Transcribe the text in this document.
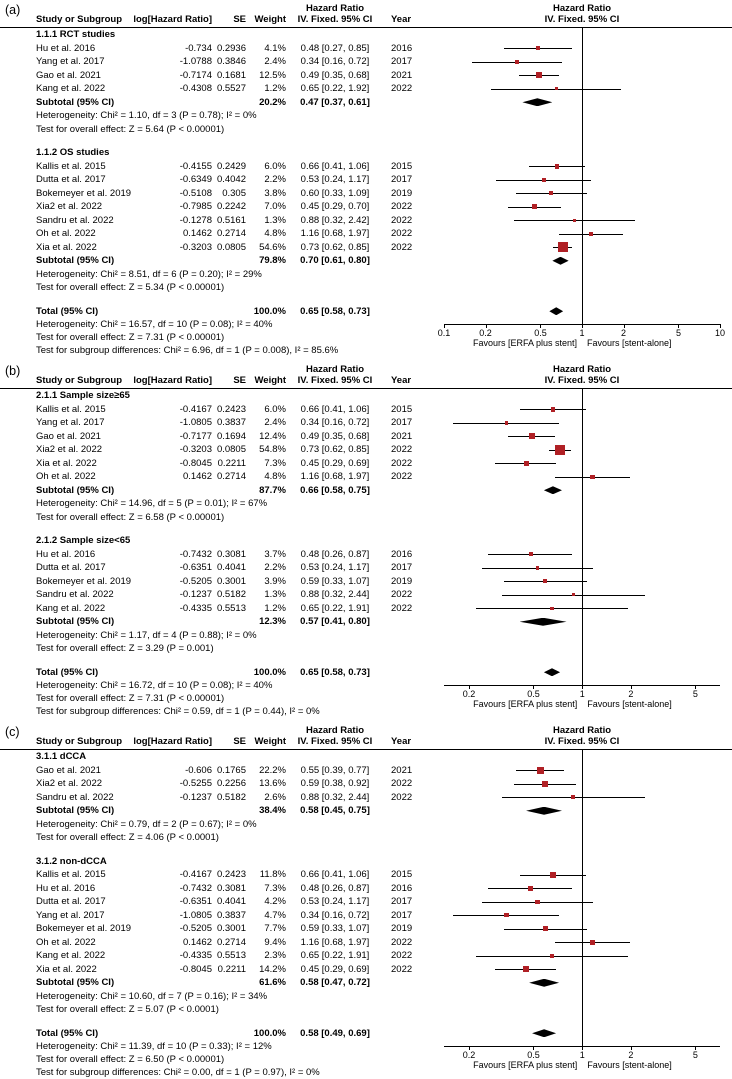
(a)	Hazard Ratio	Hazard Ratio
Study or Subgroup	log[Hazard Ratio]	SE Weight	IV. Fixed. 95% CI	Year	IV. Fixed. 95% CI
1.1.1 RCT studies
Hu et al. 2016	-0.734 0.2936	4.1%	0.48 [0.27, 0.85]	2016
Yang et al. 2017	-1.0788 0.3846	2.4%	0.34 [0.16, 0.72]	2017
Gao et al. 2021	-0.7174 0.1681	12.5%	0.49 [0.35, 0.68]	2021
Kang et al. 2022	-0.4308 0.5527	1.2%	0.65 [0.22, 1.92]	2022
Subtotal (95% CI)	20.2%	0.47 [0.37, 0.61]
Heterogeneity: Chi² = 1.10, df = 3 (P = 0.78); I² = 0%
Test for overall effect: Z = 5.64 (P < 0.00001)
1.1.2 OS studies
Kallis et al. 2015	-0.4155 0.2429	6.0%	0.66 [0.41, 1.06]	2015
Dutta et al. 2017	-0.6349 0.4042	2.2%	0.53 [0.24, 1.17]	2017
Bokemeyer et al. 2019	-0.5108	0.305	3.8%	0.60 [0.33, 1.09]	2019
Xia2 et al. 2022	-0.7985 0.2242	7.0%	0.45 [0.29, 0.70]	2022
Sandru et al. 2022	-0.1278 0.5161	1.3%	0.88 [0.32, 2.42]	2022
Oh et al. 2022	0.1462 0.2714	4.8%	1.16 [0.68, 1.97]	2022
Xia et al. 2022	-0.3203 0.0805	54.6%	0.73 [0.62, 0.85]	2022
Subtotal (95% CI)	79.8%	0.70 [0.61, 0.80]
Heterogeneity: Chi² = 8.51, df = 6 (P = 0.20); I² = 29%
Test for overall effect: Z = 5.34 (P < 0.00001)
Total (95% CI)	100.0%	0.65 [0.58, 0.73]
Heterogeneity: Chi² = 16.57, df = 10 (P = 0.08); I² = 40%
Test for overall effect: Z = 7.31 (P < 0.00001)
Test for subgroup differences: Chi² = 6.96, df = 1 (P = 0.008), I² = 85.6%
0.1	0.2	0.5	1	2	5	10
Favours [ERFA plus stent] Favours [stent-alone]
(b)	Hazard Ratio	Hazard Ratio
Study or Subgroup	log[Hazard Ratio]	SE Weight	IV. Fixed. 95% CI	Year	IV. Fixed. 95% CI
2.1.1 Sample size≥65
Kallis et al. 2015	-0.4167 0.2423	6.0%	0.66 [0.41, 1.06]	2015
Yang et al. 2017	-1.0805 0.3837	2.4%	0.34 [0.16, 0.72]	2017
Gao et al. 2021	-0.7177 0.1694	12.4%	0.49 [0.35, 0.68]	2021
Xia2 et al. 2022	-0.3203 0.0805	54.8%	0.73 [0.62, 0.85]	2022
Xia et al. 2022	-0.8045 0.2211	7.3%	0.45 [0.29, 0.69]	2022
Oh et al. 2022	0.1462 0.2714	4.8%	1.16 [0.68, 1.97]	2022
Subtotal (95% CI)	87.7%	0.66 [0.58, 0.75]
Heterogeneity: Chi² = 14.96, df = 5 (P = 0.01); I² = 67%
Test for overall effect: Z = 6.58 (P < 0.00001)
2.1.2 Sample size<65
Hu et al. 2016	-0.7432 0.3081	3.7%	0.48 [0.26, 0.87]	2016
Dutta et al. 2017	-0.6351 0.4041	2.2%	0.53 [0.24, 1.17]	2017
Bokemeyer et al. 2019	-0.5205 0.3001	3.9%	0.59 [0.33, 1.07]	2019
Sandru et al. 2022	-0.1237 0.5182	1.3%	0.88 [0.32, 2.44]	2022
Kang et al. 2022	-0.4335 0.5513	1.2%	0.65 [0.22, 1.91]	2022
Subtotal (95% CI)	12.3%	0.57 [0.41, 0.80]
Heterogeneity: Chi² = 1.17, df = 4 (P = 0.88); I² = 0%
Test for overall effect: Z = 3.29 (P = 0.001)
Total (95% CI)	100.0%	0.65 [0.58, 0.73]
Heterogeneity: Chi² = 16.72, df = 10 (P = 0.08); I² = 40%
Test for overall effect: Z = 7.31 (P < 0.00001)
Test for subgroup differences: Chi² = 0.59, df = 1 (P = 0.44), I² = 0%
0.2	0.5	1	2	5
Favours [ERFA plus stent] Favours [stent-alone]
(c)	Hazard Ratio	Hazard Ratio
Study or Subgroup	log[Hazard Ratio]	SE Weight	IV. Fixed. 95% CI	Year	IV. Fixed. 95% CI
3.1.1 dCCA
Gao et al. 2021	-0.606 0.1765	22.2%	0.55 [0.39, 0.77]	2021
Xia2 et al. 2022	-0.5255 0.2256	13.6%	0.59 [0.38, 0.92]	2022
Sandru et al. 2022	-0.1237 0.5182	2.6%	0.88 [0.32, 2.44]	2022
Subtotal (95% CI)	38.4%	0.58 [0.45, 0.75]
Heterogeneity: Chi² = 0.79, df = 2 (P = 0.67); I² = 0%
Test for overall effect: Z = 4.06 (P < 0.0001)
3.1.2 non-dCCA
Kallis et al. 2015	-0.4167 0.2423	11.8%	0.66 [0.41, 1.06]	2015
Hu et al. 2016	-0.7432 0.3081	7.3%	0.48 [0.26, 0.87]	2016
Dutta et al. 2017	-0.6351 0.4041	4.2%	0.53 [0.24, 1.17]	2017
Yang et al. 2017	-1.0805 0.3837	4.7%	0.34 [0.16, 0.72]	2017
Bokemeyer et al. 2019	-0.5205 0.3001	7.7%	0.59 [0.33, 1.07]	2019
Oh et al. 2022	0.1462 0.2714	9.4%	1.16 [0.68, 1.97]	2022
Kang et al. 2022	-0.4335 0.5513	2.3%	0.65 [0.22, 1.91]	2022
Xia et al. 2022	-0.8045 0.2211	14.2%	0.45 [0.29, 0.69]	2022
Subtotal (95% CI)	61.6%	0.58 [0.47, 0.72]
Heterogeneity: Chi² = 10.60, df = 7 (P = 0.16); I² = 34%
Test for overall effect: Z = 5.07 (P < 0.0001)
Total (95% CI)	100.0%	0.58 [0.49, 0.69]
Heterogeneity: Chi² = 11.39, df = 10 (P = 0.33); I² = 12%
Test for overall effect: Z = 6.50 (P < 0.00001)
Test for subgroup differences: Chi² = 0.00, df = 1 (P = 0.97), I² = 0%
0.2	0.5	1	2	5
Favours [ERFA plus stent] Favours [stent-alone]
